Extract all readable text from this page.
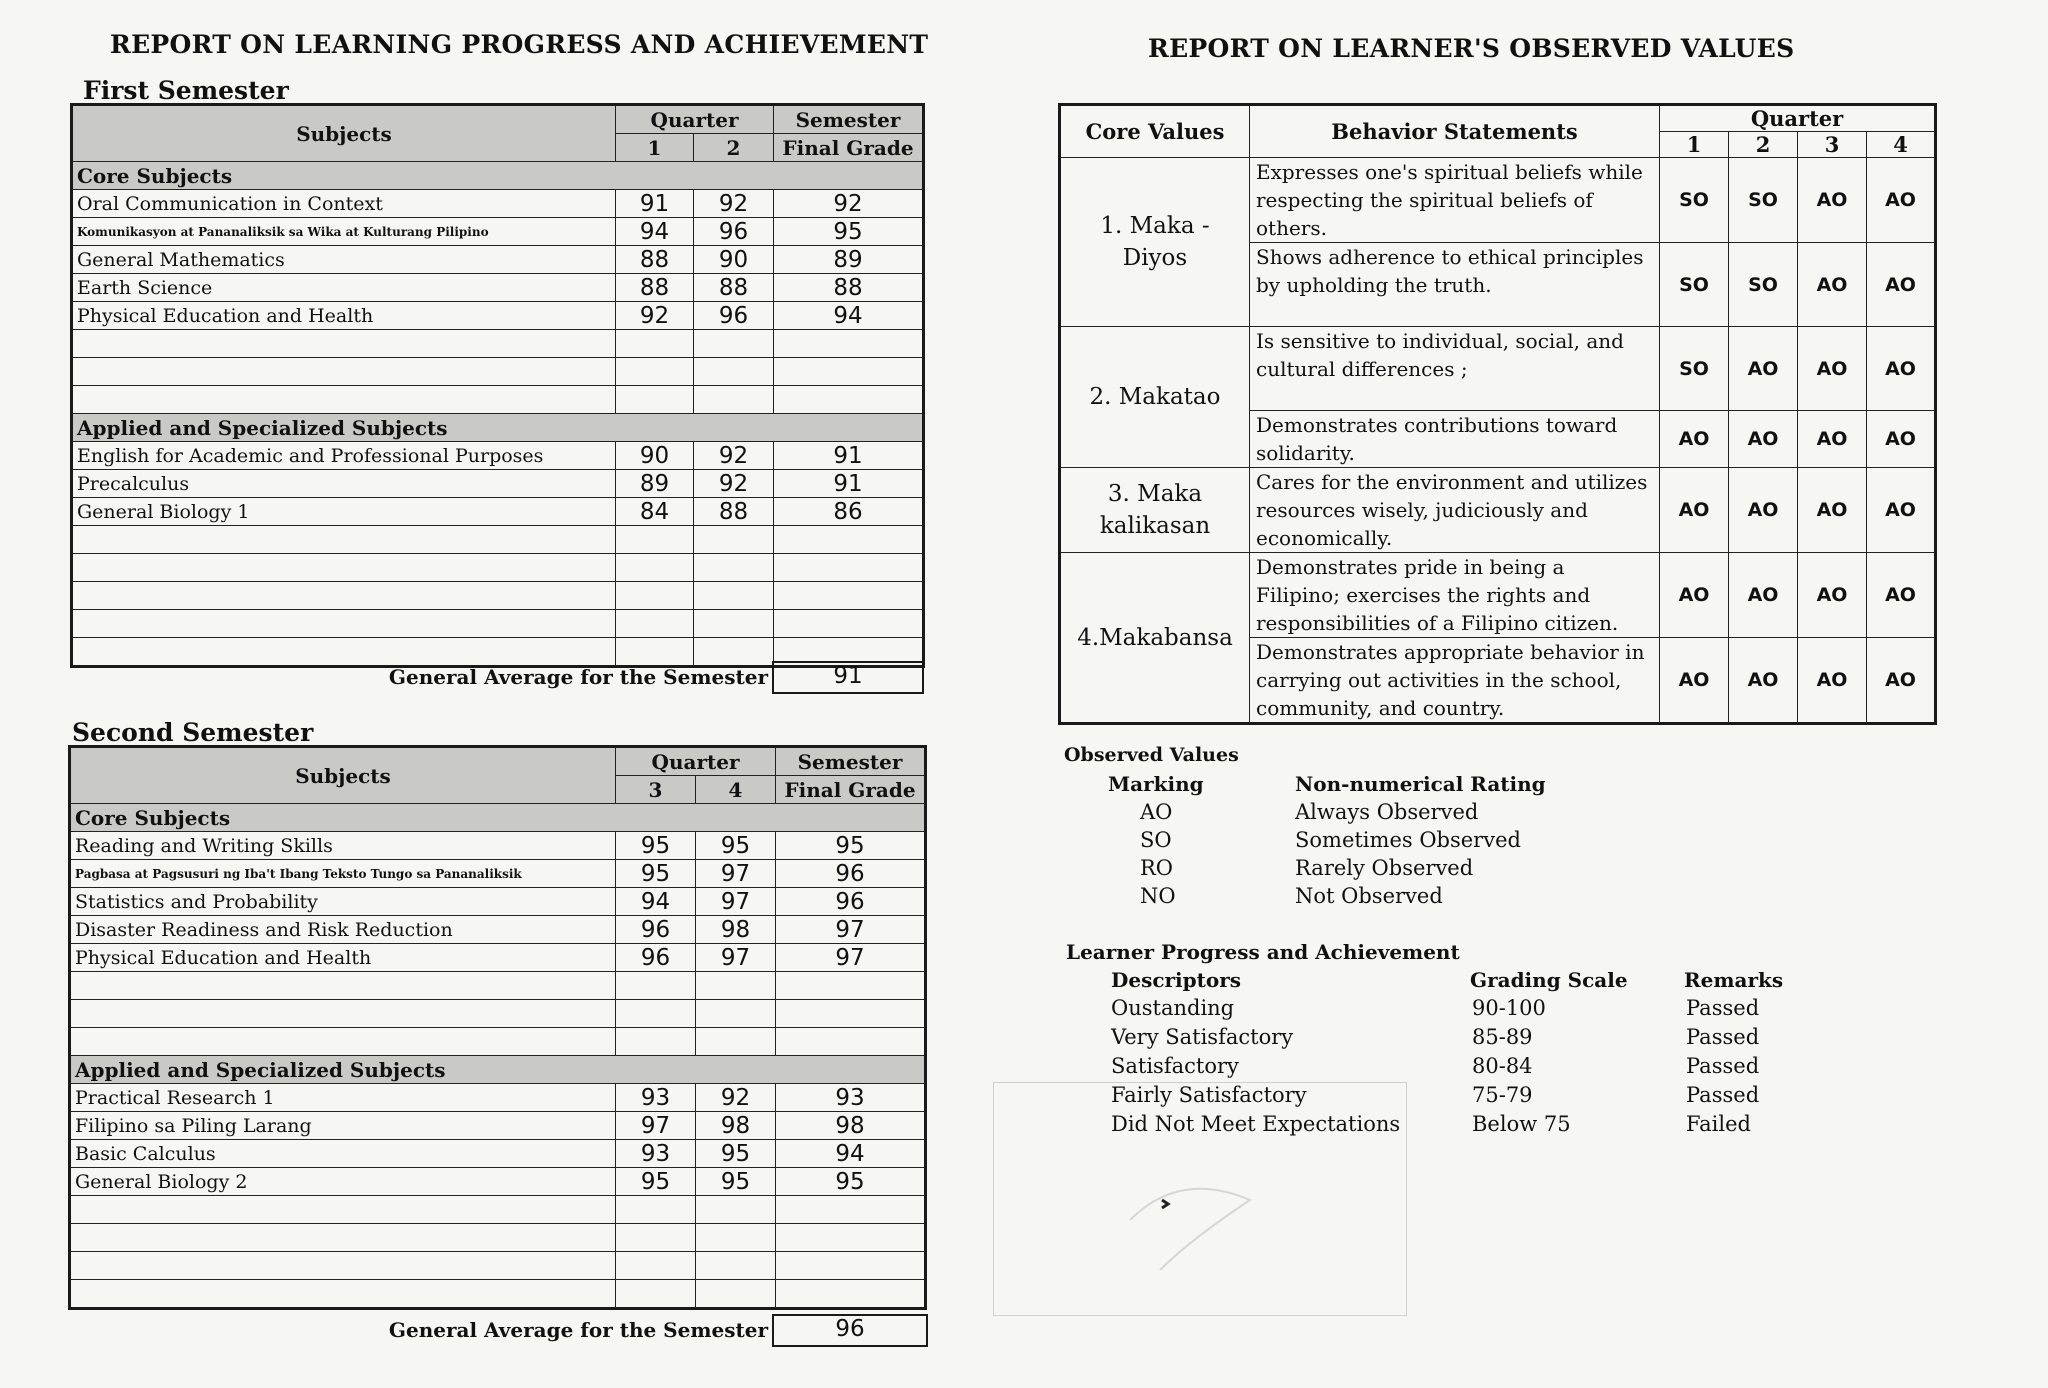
REPORT ON LEARNING PROGRESS AND ACHIEVEMENT
First Semester
Subjects	Quarter		Semester
	1	2	Final Grade
Core Subjects			
Oral Communication in Context	91	92	92
Komunikasyon at Pananaliksik sa Wika at Kulturang Pilipino	94	96	95
General Mathematics	88	90	89
Earth Science	88	88	88
Physical Education and Health	92	96	94

Applied and Specialized Subjects			
English for Academic and Professional Purposes	90	92	91
Precalculus	89	92	91
General Biology 1	84	88	86

General Average for the Semester	91
Second Semester
Subjects	Quarter		Semester
	3	4	Final Grade
Core Subjects			
Reading and Writing Skills	95	95	95
Pagbasa at Pagsusuri ng Iba't Ibang Teksto Tungo sa Pananaliksik	95	97	96
Statistics and Probability	94	97	96
Disaster Readiness and Risk Reduction	96	98	97
Physical Education and Health	96	97	97

Applied and Specialized Subjects			
Practical Research 1	93	92	93
Filipino sa Piling Larang	97	98	98
Basic Calculus	93	95	94
General Biology 2	95	95	95

General Average for the Semester	96
REPORT ON LEARNER'S OBSERVED VALUES
Core Values	Behavior Statements	Quarter			
		1	2	3	4
1. Maka - Diyos	Expresses one's spiritual beliefs while respecting the spiritual beliefs of others.	SO	SO	AO	AO
	Shows adherence to ethical principles by upholding the truth.	SO	SO	AO	AO
2. Makatao	Is sensitive to individual, social, and cultural differences ;	SO	AO	AO	AO
	Demonstrates contributions toward solidarity.	AO	AO	AO	AO
3. Maka kalikasan	Cares for the environment and utilizes resources wisely, judiciously and economically.	AO	AO	AO	AO
4.Makabansa	Demonstrates pride in being a Filipino; exercises the rights and responsibilities of a Filipino citizen.	AO	AO	AO	AO
	Demonstrates appropriate behavior in carrying out activities in the school, community, and country.	AO	AO	AO	AO
Observed Values
Marking	Non-numerical Rating
AO	Always Observed
SO	Sometimes Observed
RO	Rarely Observed
NO	Not Observed
Learner Progress and Achievement
Descriptors	Grading Scale	Remarks
Oustanding	90-100	Passed
Very Satisfactory	85-89	Passed
Satisfactory	80-84	Passed
Fairly Satisfactory	75-79	Passed
Did Not Meet Expectations	Below 75	Failed
